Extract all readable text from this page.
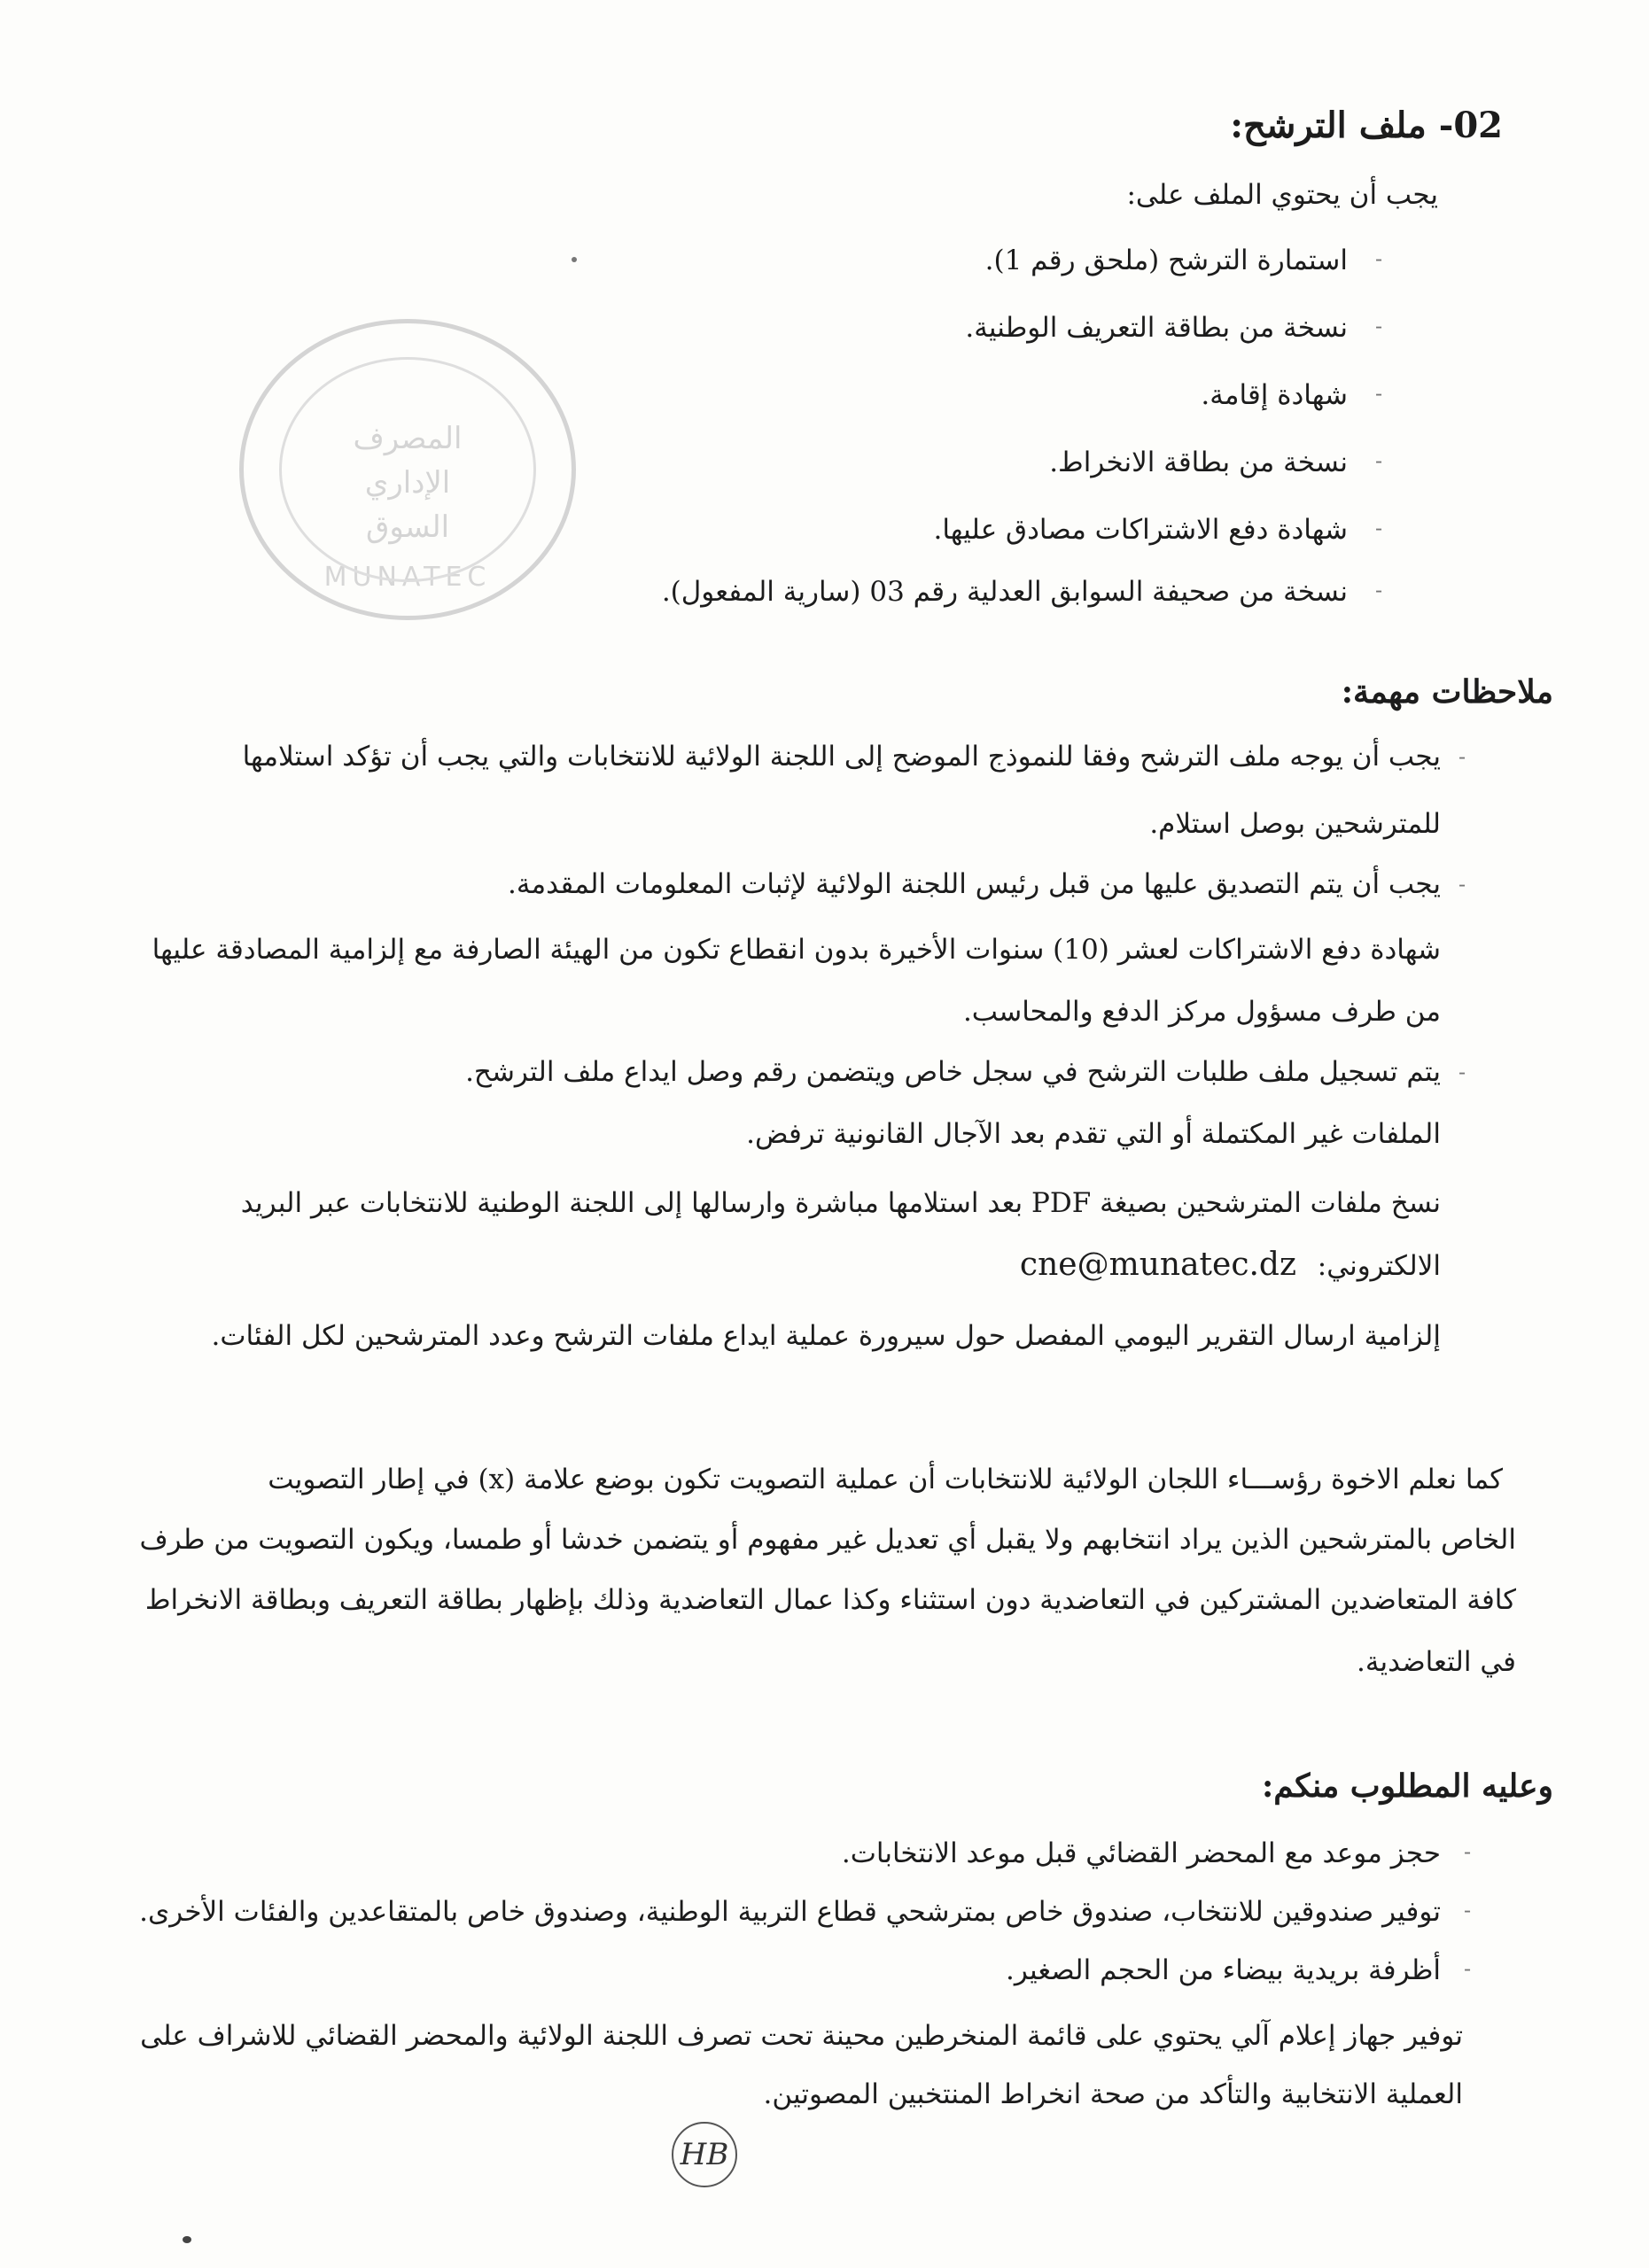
المصرف
الإداري
السوق
MUNATEC
02- ملف الترشح:
يجب أن يحتوي الملف على:
-
استمارة الترشح (ملحق رقم 1).
-
نسخة من بطاقة التعريف الوطنية.
-
شهادة إقامة.
-
نسخة من بطاقة الانخراط.
-
شهادة دفع الاشتراكات مصادق عليها.
-
نسخة من صحيفة السوابق العدلية رقم 03 (سارية المفعول).
ملاحظات مهمة:
-
يجب أن يوجه ملف الترشح وفقا للنموذج الموضح إلى اللجنة الولائية للانتخابات والتي يجب أن تؤكد استلامها
للمترشحين بوصل استلام.
-
يجب أن يتم التصديق عليها من قبل رئيس اللجنة الولائية لإثبات المعلومات المقدمة.
شهادة دفع الاشتراكات لعشر (10) سنوات الأخيرة بدون انقطاع تكون من الهيئة الصارفة مع إلزامية المصادقة عليها
من طرف مسؤول مركز الدفع والمحاسب.
-
يتم تسجيل ملف طلبات الترشح في سجل خاص ويتضمن رقم وصل ايداع ملف الترشح.
الملفات غير المكتملة أو التي تقدم بعد الآجال القانونية ترفض.
نسخ ملفات المترشحين بصيغة PDF بعد استلامها مباشرة وارسالها إلى اللجنة الوطنية للانتخابات عبر البريد
الالكتروني: cne@munatec.dz
إلزامية ارسال التقرير اليومي المفصل حول سيرورة عملية ايداع ملفات الترشح وعدد المترشحين لكل الفئات.
كما نعلم الاخوة رؤســـاء اللجان الولائية للانتخابات أن عملية التصويت تكون بوضع علامة (x) في إطار التصويت
الخاص بالمترشحين الذين يراد انتخابهم ولا يقبل أي تعديل غير مفهوم أو يتضمن خدشا أو طمسا، ويكون التصويت من طرف
كافة المتعاضدين المشتركين في التعاضدية دون استثناء وكذا عمال التعاضدية وذلك بإظهار بطاقة التعريف وبطاقة الانخراط
في التعاضدية.
وعليه المطلوب منكم:
-
حجز موعد مع المحضر القضائي قبل موعد الانتخابات.
-
توفير صندوقين للانتخاب، صندوق خاص بمترشحي قطاع التربية الوطنية، وصندوق خاص بالمتقاعدين والفئات الأخرى.
-
أظرفة بريدية بيضاء من الحجم الصغير.
توفير جهاز إعلام آلي يحتوي على قائمة المنخرطين محينة تحت تصرف اللجنة الولائية والمحضر القضائي للاشراف على
العملية الانتخابية والتأكد من صحة انخراط المنتخبين المصوتين.
HB
